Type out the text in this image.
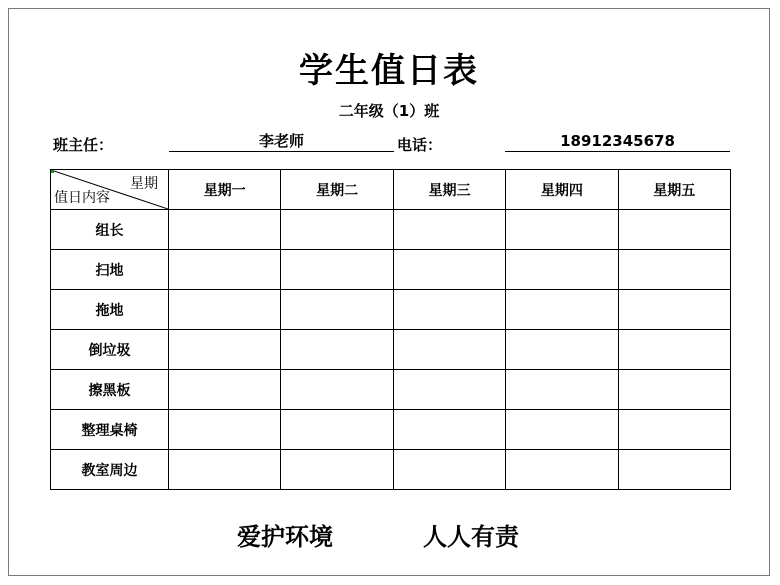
学生值日表
二年级（1）班
班主任：	李老师	电话：	18912345678
星期
值日内容	星期一	星期二	星期三	星期四	星期五
组长					
扫地					
拖地					
倒垃圾					
擦黑板					
整理桌椅					
教室周边					
爱护环境	人人有责
